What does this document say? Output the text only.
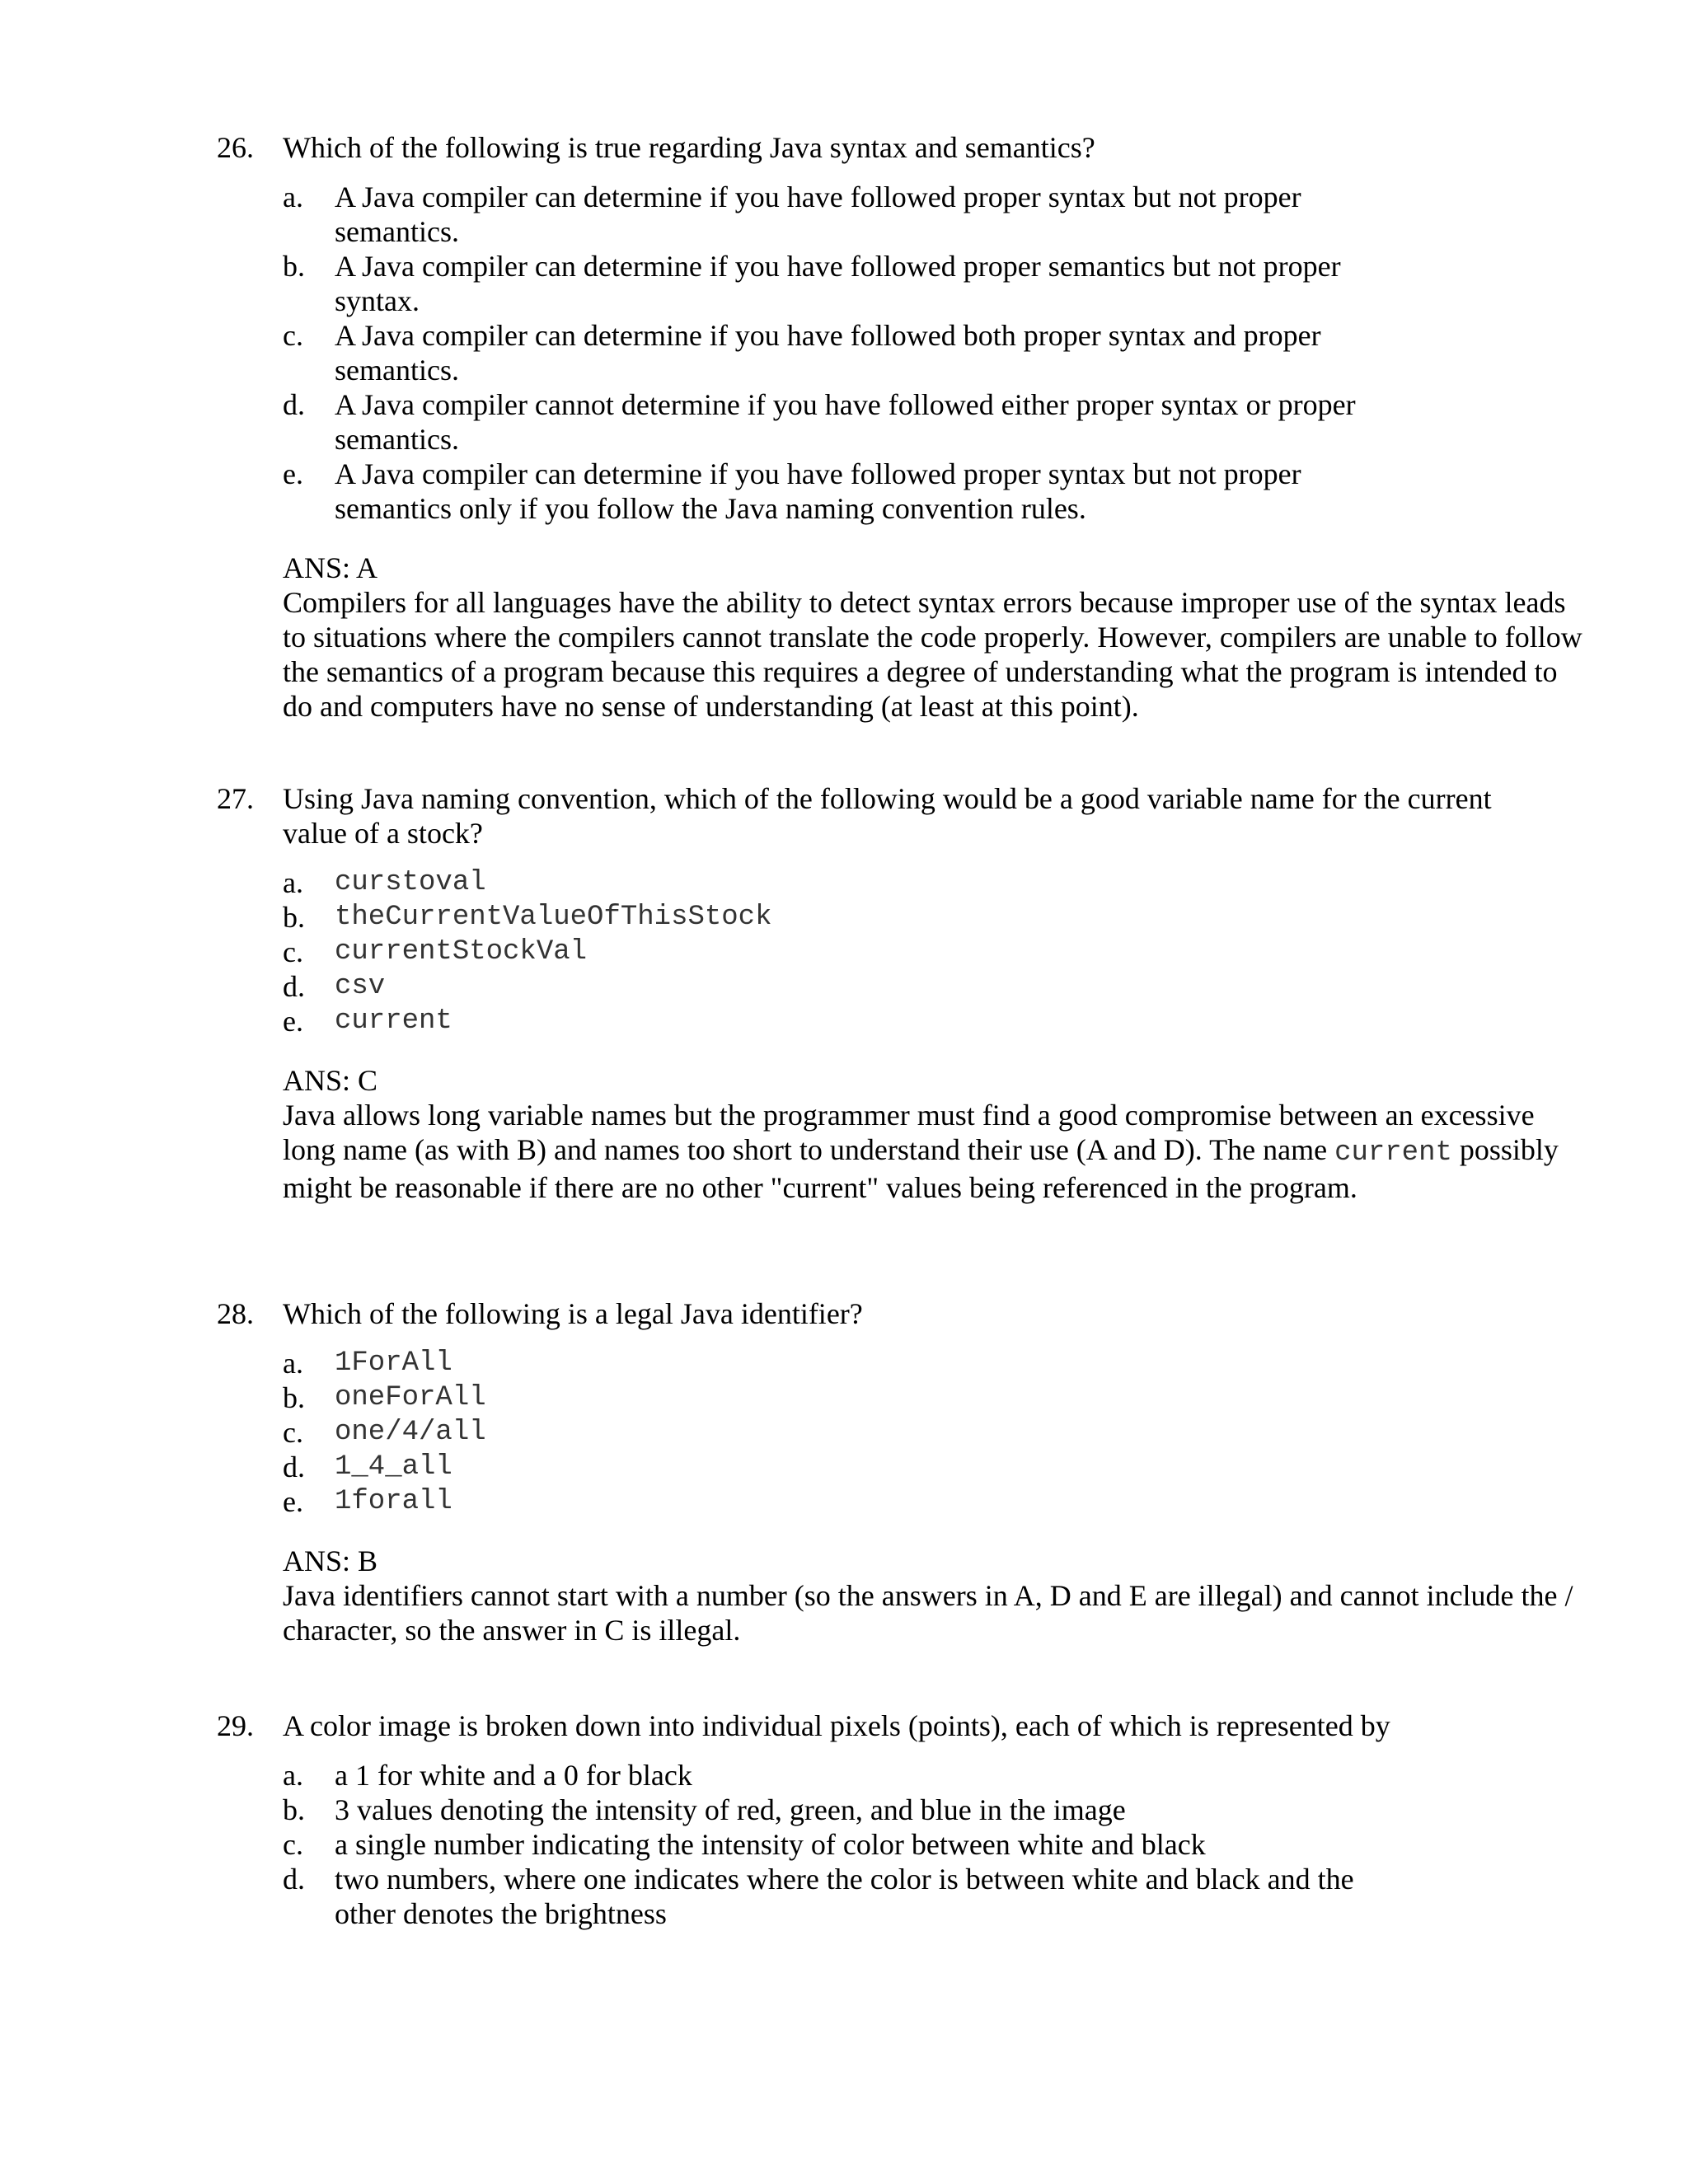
26. Which of the following is true regarding Java syntax and semantics?
a.	A Java compiler can determine if you have followed proper syntax but not proper semantics.
b.	A Java compiler can determine if you have followed proper semantics but not proper syntax.
c.	A Java compiler can determine if you have followed both proper syntax and proper semantics.
d.	A Java compiler cannot determine if you have followed either proper syntax or proper semantics.
e.	A Java compiler can determine if you have followed proper syntax but not proper semantics only if you follow the Java naming convention rules.
ANS: A
Compilers for all languages have the ability to detect syntax errors because improper use of the syntax leads to situations where the compilers cannot translate the code properly. However, compilers are unable to follow the semantics of a program because this requires a degree of understanding what the program is intended to do and computers have no sense of understanding (at least at this point).
27. Using Java naming convention, which of the following would be a good variable name for the current value of a stock?
a.	curstoval
b.	theCurrentValueOfThisStock
c.	currentStockVal
d.	csv
e.	current
ANS: C
Java allows long variable names but the programmer must find a good compromise between an excessive long name (as with B) and names too short to understand their use (A and D). The name current possibly might be reasonable if there are no other "current" values being referenced in the program.
28. Which of the following is a legal Java identifier?
a.	1ForAll
b.	oneForAll
c.	one/4/all
d.	1_4_all
e.	1forall
ANS: B
Java identifiers cannot start with a number (so the answers in A, D and E are illegal) and cannot include the / character, so the answer in C is illegal.
29. A color image is broken down into individual pixels (points), each of which is represented by
a.	a 1 for white and a 0 for black
b.	3 values denoting the intensity of red, green, and blue in the image
c.	a single number indicating the intensity of color between white and black
d.	two numbers, where one indicates where the color is between white and black and the other denotes the brightness
